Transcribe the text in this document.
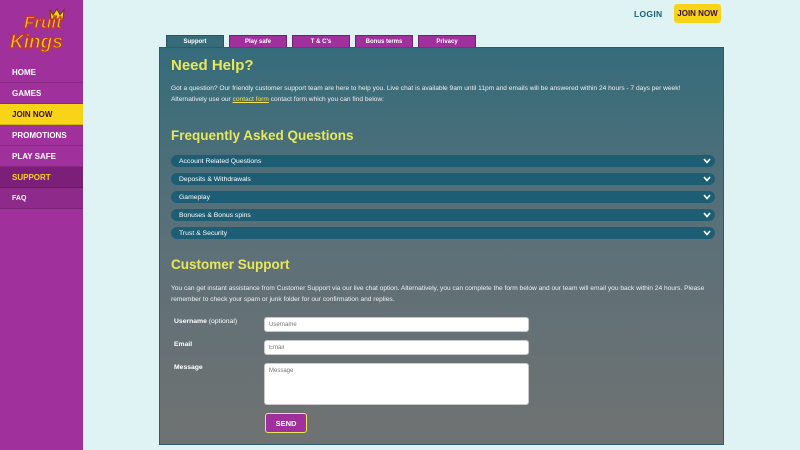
Fruit
Kings
HOME
GAMES
JOIN NOW
PROMOTIONS
PLAY SAFE
SUPPORT
FAQ
LOGIN	JOIN NOW
Support	Play safe	T & C's	Bonus terms	Privacy
Need Help?
Got a question? Our friendly customer support team are here to help you. Live chat is available 9am until 11pm and emails will be answered within 24 hours - 7 days per week! Alternatively use our contact form contact form which you can find below:
Frequently Asked Questions
Account Related Questions
Deposits & Withdrawals
Gameplay
Bonuses & Bonus spins
Trust & Security
Customer Support
You can get instant assistance from Customer Support via our live chat option. Alternatively, you can complete the form below and our team will email you back within 24 hours. Please remember to check your spam or junk folder for our confirmation and replies.
Username (optional)
Username
Email
Email
Message
Message
SEND
